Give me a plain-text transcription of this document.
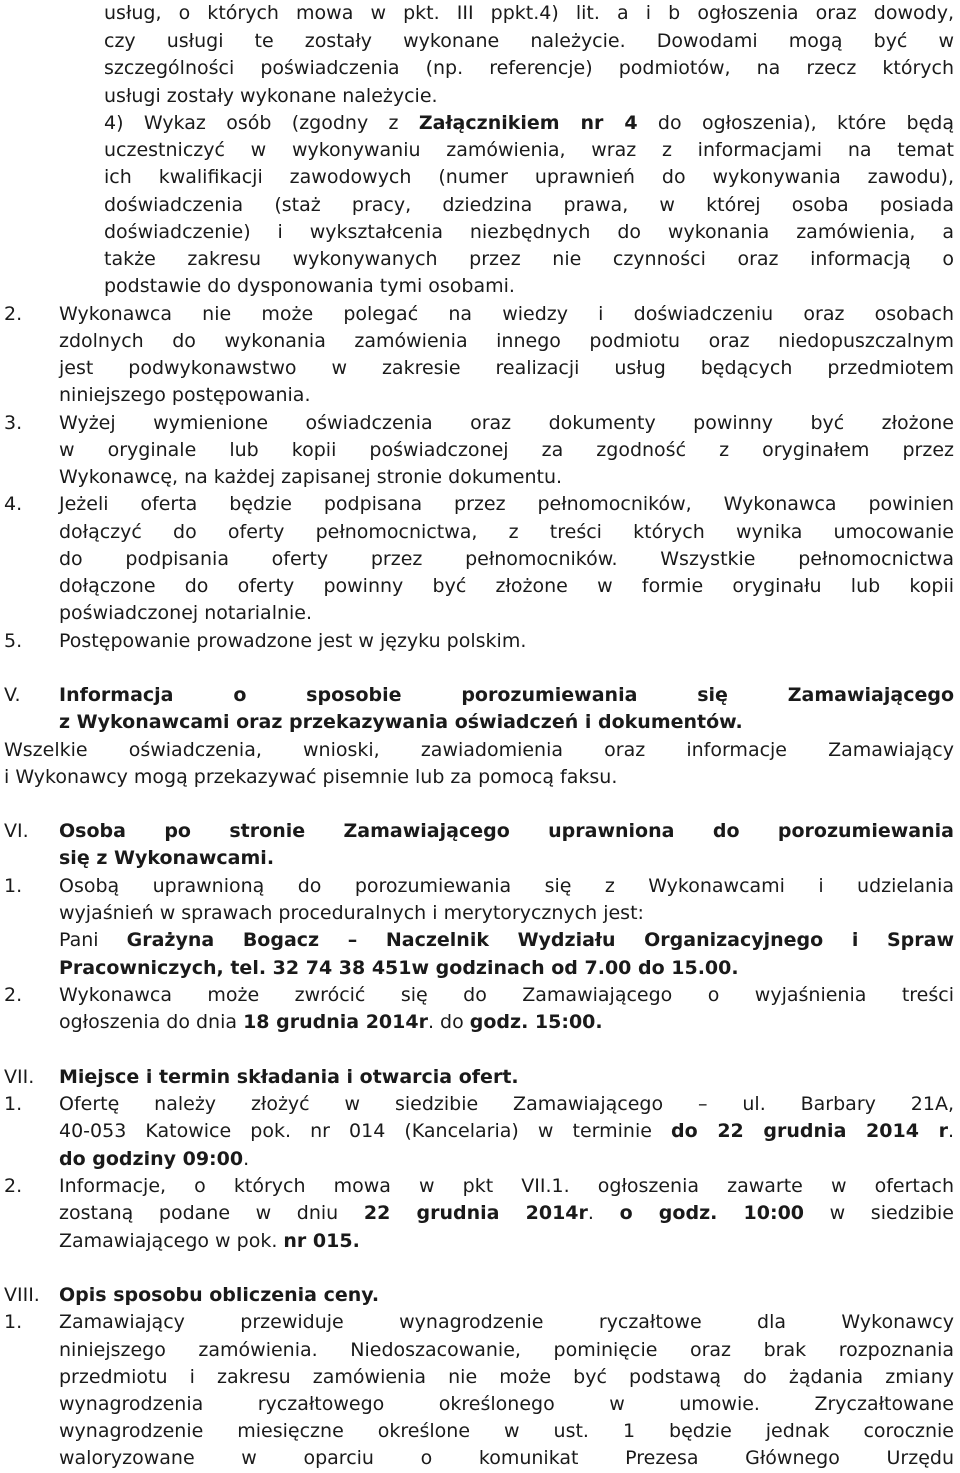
usług, o których mowa w pkt. III ppkt.4) lit. a i b ogłoszenia oraz dowody,
czy usługi te zostały wykonane należycie. Dowodami mogą być w
szczególności poświadczenia (np. referencje) podmiotów, na rzecz których
usługi zostały wykonane należycie.
4) Wykaz osób (zgodny z Załącznikiem nr 4 do ogłoszenia), które będą
uczestniczyć w wykonywaniu zamówienia, wraz z informacjami na temat
ich kwalifikacji zawodowych (numer uprawnień do wykonywania zawodu),
doświadczenia (staż pracy, dziedzina prawa, w której osoba posiada
doświadczenie) i wykształcenia niezbędnych do wykonania zamówienia, a
także zakresu wykonywanych przez nie czynności oraz informacją o
podstawie do dysponowania tymi osobami.
2. Wykonawca nie może polegać na wiedzy i doświadczeniu oraz osobach
zdolnych do wykonania zamówienia innego podmiotu oraz niedopuszczalnym
jest podwykonawstwo w zakresie realizacji usług będących przedmiotem
niniejszego postępowania.
3. Wyżej wymienione oświadczenia oraz dokumenty powinny być złożone
w oryginale lub kopii poświadczonej za zgodność z oryginałem przez
Wykonawcę, na każdej zapisanej stronie dokumentu.
4. Jeżeli oferta będzie podpisana przez pełnomocników, Wykonawca powinien
dołączyć do oferty pełnomocnictwa, z treści których wynika umocowanie
do podpisania oferty przez pełnomocników. Wszystkie pełnomocnictwa
dołączone do oferty powinny być złożone w formie oryginału lub kopii
poświadczonej notarialnie.
5. Postępowanie prowadzone jest w języku polskim.
V. Informacja o sposobie porozumiewania się Zamawiającego
z Wykonawcami oraz przekazywania oświadczeń i dokumentów.
Wszelkie oświadczenia, wnioski, zawiadomienia oraz informacje Zamawiający
i Wykonawcy mogą przekazywać pisemnie lub za pomocą faksu.
VI. Osoba po stronie Zamawiającego uprawniona do porozumiewania
się z Wykonawcami.
1. Osobą uprawnioną do porozumiewania się z Wykonawcami i udzielania
wyjaśnień w sprawach proceduralnych i merytorycznych jest:
Pani Grażyna Bogacz – Naczelnik Wydziału Organizacyjnego i Spraw
Pracowniczych, tel. 32 74 38 451w godzinach od 7.00 do 15.00.
2. Wykonawca może zwrócić się do Zamawiającego o wyjaśnienia treści
ogłoszenia do dnia 18 grudnia 2014r. do godz. 15:00.
VII. Miejsce i termin składania i otwarcia ofert.
1. Ofertę należy złożyć w siedzibie Zamawiającego – ul. Barbary 21A,
40-053 Katowice pok. nr 014 (Kancelaria) w terminie do 22 grudnia 2014 r.
do godziny 09:00.
2. Informacje, o których mowa w pkt VII.1. ogłoszenia zawarte w ofertach
zostaną podane w dniu 22 grudnia 2014r. o godz. 10:00 w siedzibie
Zamawiającego w pok. nr 015.
VIII. Opis sposobu obliczenia ceny.
1. Zamawiający przewiduje wynagrodzenie ryczałtowe dla Wykonawcy
niniejszego zamówienia. Niedoszacowanie, pominięcie oraz brak rozpoznania
przedmiotu i zakresu zamówienia nie może być podstawą do żądania zmiany
wynagrodzenia ryczałtowego określonego w umowie. Zryczałtowane
wynagrodzenie miesięczne określone w ust. 1 będzie jednak corocznie
waloryzowane w oparciu o komunikat Prezesa Głównego Urzędu
